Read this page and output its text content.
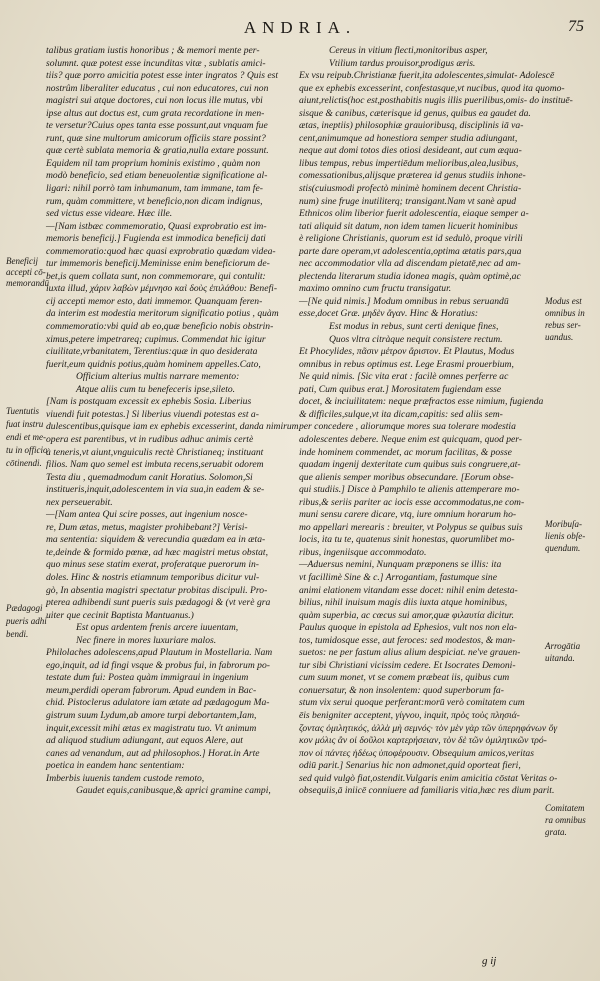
ANDRIA.	75
talibus gratiam iustis honoribus ; & memori mente per-
solumnt. quæ potest esse incunditas vitæ , sublatis amici-
tiis? quæ porro amicitia potest esse inter ingratos ? Quis est
nostrûm liberaliter educatus , cui non educatores, cui non
magistri sui atque doctores, cui non locus ille mutus, vbi
ipse altus aut doctus est, cum grata recordatione in men-
te versetur?Cuius opes tanta esse possunt,aut vnquam fue
runt, quæ sine multorum amicorum officiis stare possint?
quæ certè sublata memoria & gratia,nulla extare possunt.
Equidem nil tam proprium hominis existimo , quàm non
modò beneficio, sed etiam beneuolentiæ significatione al-
ligari: nihil porrò tam inhumanum, tam immane, tam fe-
rum, quàm committere, vt beneficio,non dicam indignus,
sed victus esse videare. Hæc ille.
—[Nam istbæc commemoratio, Quasi exprobratio est im-
memoris beneficij.] Fugienda est immodica beneficij dati
commemoratio:quod hæc quasi exprobratio quædam videa-
tur immemoris beneficij.Meminisse enim beneficiorum de-
bet,is quem collata sunt, non commemorare, qui contulit:
iuxta illud, χάριν λαβὼν μέμνησο καὶ δοὺς ἐπιλάθου: Benefi-
cij accepti memor esto, dati immemor. Quanquam feren-
da interim est modestia meritorum significatio potius , quàm
commemoratio:vbi quid ab eo,quæ beneficio nobis obstrin-
ximus,petere impetrareq; cupimus. Commendat hic igitur
ciuilitate,vrbanitatem, Terentius:quæ in quo desiderata
fuerit,eum quidnis potius,quàm hominem appelles.Cato,
Officium alterius multis narrare memento:
Atque aliis cum tu benefeceris ipse,sileto.
[Nam is postquam excessit ex ephebis Sosia. Liberius
viuendi fuit potestas.] Si liberius viuendi potestas est a-
dulescentibus,quisque iam ex ephebis excesserint, danda nimirum
opera est parentibus, vt in rudibus adhuc animis certè
à teneris,vt aiunt,vnguiculis rectè Christianeq; instituant
filios. Nam quo semel est imbuta recens,seruabit odorem
Testa diu , quemadmodum canit Horatius. Solomon,Si
institueris,inquit,adolescentem in via sua,in eadem & se-
nex perseuerabit.
—[Nam antea Qui scire posses, aut ingenium nosce-
re, Dum ætas, metus, magister prohibebant?] Verisi-
ma sententia: siquidem & verecundia quædam ea in æta-
te,deinde & formido pœnæ, ad hæc magistri metus obstat,
quo minus sese statim exerat, proferatque puerorum in-
doles. Hinc & nostris etiamnum temporibus dicitur vul-
gò, In absentia magistri spectatur probitas discipuli. Pro-
pterea adhibendi sunt pueris suis pædagogi & (vt verè gra
uiter que cecinit Baptista Mantuanus.)
Est opus ardentem frenis arcere iuuentam,
Nec finere in mores luxuriare malos.
Philolaches adolescens,apud Plautum in Mostellaria. Nam
ego,inquit, ad id fingi vsque & probus fui, in fabrorum po-
testate dum fui: Postea quàm immigraui in ingenium
meum,perdidi operam fabrorum. Apud eundem in Bac-
chid. Pistoclerus adulatore iam ætate ad pædagogum Ma-
gistrum suum Lydum,ab amore turpi debortantem,Iam,
inquit,excessit mihi ætas ex magistratu tuo. Vt animum
ad aliquod studium adiungant, aut equos Alere, aut
canes ad venandum, aut ad philosophos.] Horat.in Arte
poetica in eandem hanc sententiam:
Imberbis iuuenis tandem custode remoto,
Gaudet equis,canibusque,& aprici gramine campi,
Cereus in vitium flecti,monitoribus asper,
Vtilium tardus prouisor,prodigus æris.
Ex vsu reipub.Christianæ fuerit,ita adolescentes,simulat- Adolescē
que ex ephebis excesserint, confestasque,vt nucibus, quod ita quomo-
aiunt,relictis(hoc est,posthabitis nugis illis puerilibus,omis- do instituē-
sisque & canibus, cæterisque id genus, quibus ea gaudet da.
ætas, ineptiis) philosophiæ grauioribusq, disciplinis iā va-
cent,animumque ad honestiora semper studia adiungant,
neque aut domi totos dies otiosi desideant, aut cum æqua-
libus tempus, rebus impertiēdum melioribus,alea,lusibus,
comessationibus,alijsque præterea id genus studiis inhone-
stis(cuiusmodi profectò minimè hominem decent Christia-
num) sine fruge inutiliterq; transigant.Nam vt sanè apud
Ethnicos olim liberior fuerit adolescentia, eiaque semper a-
tati aliquid sit datum, non idem tamen licuerit hominibus
è religione Christianis, quorum est id sedulò, proque virili
parte dare operam,vt adolescentia,optima ætatis pars,qua
nec accommodatior vlla ad discendam pietatē,nec ad am-
plectenda literarum studia idonea magis, quàm optimè,ac
maximo omnino cum fructu transigatur.
—[Ne quid nimis.] Modum omnibus in rebus seruandū
esse,docet Græ. μηδὲν ἄγαν. Hinc & Horatius:
Est modus in rebus, sunt certi denique fines,
Quos vltra citràque nequit consistere rectum.
Et Phocylides, πᾶσιν μέτρον ἄριστον. Et Plautus, Modus
omnibus in rebus optimus est. Lege Erasmi prouerbium,
Ne quid nimis. [Sic vita erat : facilè omnes perferre ac
pati, Cum quibus erat.] Morositatem fugiendam esse
docet, & inciuilitatem: neque præfractos esse nimium, fugienda
& difficiles,sulque,vt ita dicam,capitis: sed aliis sem-
per concedere , aliorumque mores sua tolerare modestia
adolescentes debere. Neque enim est quicquam, quod per-
inde hominem commendet, ac morum facilitas, & posse
quadam ingenij dexteritate cum quibus suis congruere,at-
que alienis semper moribus obsecundare. [Eorum obse-
qui studiis.] Disce à Pamphilo te alienis attemperare mo-
ribus,& seriis pariter ac iocis esse accommodatus,ne com-
muni sensu carere dicare, vtq, iure omnium horarum ho-
mo appellari merearis : breuiter, vt Polypus se quibus suis
locis, ita tu te, quatenus sinit honestas, quorumlibet mo-
ribus, ingeniisque accommodato.
—Aduersus nemini, Nunquam præponens se illis: ita
vt facillimè Sine & c.] Arrogantiam, fastumque sine
animi elationem vitandam esse docet: nihil enim detesta-
bilius, nihil inuisum magis diis iuxta atque hominibus,
quàm superbia, ac cœcus sui amor,quæ φιλαυτία dicitur.
Paulus quoque in epistola ad Ephesios, vult nos non ela-
tos, tumidosque esse, aut feroces: sed modestos, & man-
suetos: ne per fastum alius alium despiciat. ne've grauen-
tur sibi Christiani vicissim cedere. Et Isocrates Demoni-
cum suum monet, vt se comem præbeat iis, quibus cum
conuersatur, & non insolentem: quod superborum fa-
stum vix serui quoque perferant:morū verò comitatem cum
ēis benigniter acceptent, γίγνου, inquit, πρὸς τοὺς πλησιά-
ζοντας ὁμιλητικός, ἀλλὰ μὴ σεμνός· τὸν μὲν γὰρ τῶν ὑπερηφάνων ὄγ
κον μόλις ἂν οἱ δοῦλοι καρτερήσειαν, τὸν δὲ τῶν ὁμιλητικῶν τρό-
πον οἱ πάντες ἡδέως ὑποφέρουσιν. Obsequium amicos,veritas
odiū parit.] Senarius hic non admonet,quid oporteat fieri,
sed quid vulgò fiat,ostendit.Vulgaris enim amicitia cōstat Veritas o-
obsequiis,ā iniicē conniuere ad familiaris vitia,hæc res dium parit.
Beneficij
accepti cō-
memorandū
Tuentutis
fuat instru
endi et me-
tu in officio
cōtinendi.
Pædagogi
pueris adhi
bendi.
Modus est
omnibus in
rebus ser-
uandus.
Moribuſa-
lienis obſe-
quendum.
Arrogātia
uitanda.
Comitatem
ra omnibus
grata.
g ij
